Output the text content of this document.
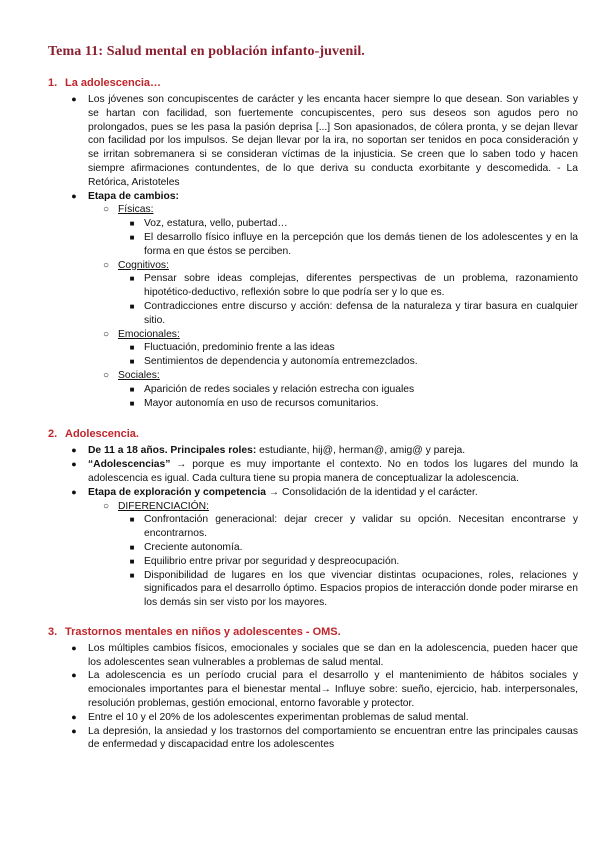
Tema 11: Salud mental en población infanto-juvenil.
1. La adolescencia…
● Los jóvenes son concupiscentes de carácter y les encanta hacer siempre lo que desean. Son variables y se hartan con facilidad, son fuertemente concupiscentes, pero sus deseos son agudos pero no prolongados, pues se les pasa la pasión deprisa [...] Son apasionados, de cólera pronta, y se dejan llevar con facilidad por los impulsos. Se dejan llevar por la ira, no soportan ser tenidos en poca consideración y se irritan sobremanera si se consideran víctimas de la injusticia. Se creen que lo saben todo y hacen siempre afirmaciones contundentes, de lo que deriva su conducta exorbitante y descomedida. - La Retórica, Aristoteles
● Etapa de cambios:
○ Físicas:
■ Voz, estatura, vello, pubertad…
■ El desarrollo físico influye en la percepción que los demás tienen de los adolescentes y en la forma en que éstos se perciben.
○ Cognitivos:
■ Pensar sobre ideas complejas, diferentes perspectivas de un problema, razonamiento hipotético-deductivo, reflexión sobre lo que podría ser y lo que es.
■ Contradicciones entre discurso y acción: defensa de la naturaleza y tirar basura en cualquier sitio.
○ Emocionales:
■ Fluctuación, predominio frente a las ideas
■ Sentimientos de dependencia y autonomía entremezclados.
○ Sociales:
■ Aparición de redes sociales y relación estrecha con iguales
■ Mayor autonomía en uso de recursos comunitarios.
2. Adolescencia.
● De 11 a 18 años. Principales roles: estudiante, hij@, herman@, amig@ y pareja.
● “Adolescencias” → porque es muy importante el contexto. No en todos los lugares del mundo la adolescencia es igual. Cada cultura tiene su propia manera de conceptualizar la adolescencia.
● Etapa de exploración y competencia → Consolidación de la identidad y el carácter.
○ DIFERENCIACIÓN:
■ Confrontación generacional: dejar crecer y validar su opción. Necesitan encontrarse y encontrarnos.
■ Creciente autonomía.
■ Equilibrio entre privar por seguridad y despreocupación.
■ Disponibilidad de lugares en los que vivenciar distintas ocupaciones, roles, relaciones y significados para el desarrollo óptimo. Espacios propios de interacción donde poder mirarse en los demás sin ser visto por los mayores.
3. Trastornos mentales en niños y adolescentes - OMS.
● Los múltiples cambios físicos, emocionales y sociales que se dan en la adolescencia, pueden hacer que los adolescentes sean vulnerables a problemas de salud mental.
● La adolescencia es un período crucial para el desarrollo y el mantenimiento de hábitos sociales y emocionales importantes para el bienestar mental→ Influye sobre: sueño, ejercicio, hab. interpersonales, resolución problemas, gestión emocional, entorno favorable y protector.
● Entre el 10 y el 20% de los adolescentes experimentan problemas de salud mental.
● La depresión, la ansiedad y los trastornos del comportamiento se encuentran entre las principales causas de enfermedad y discapacidad entre los adolescentes
